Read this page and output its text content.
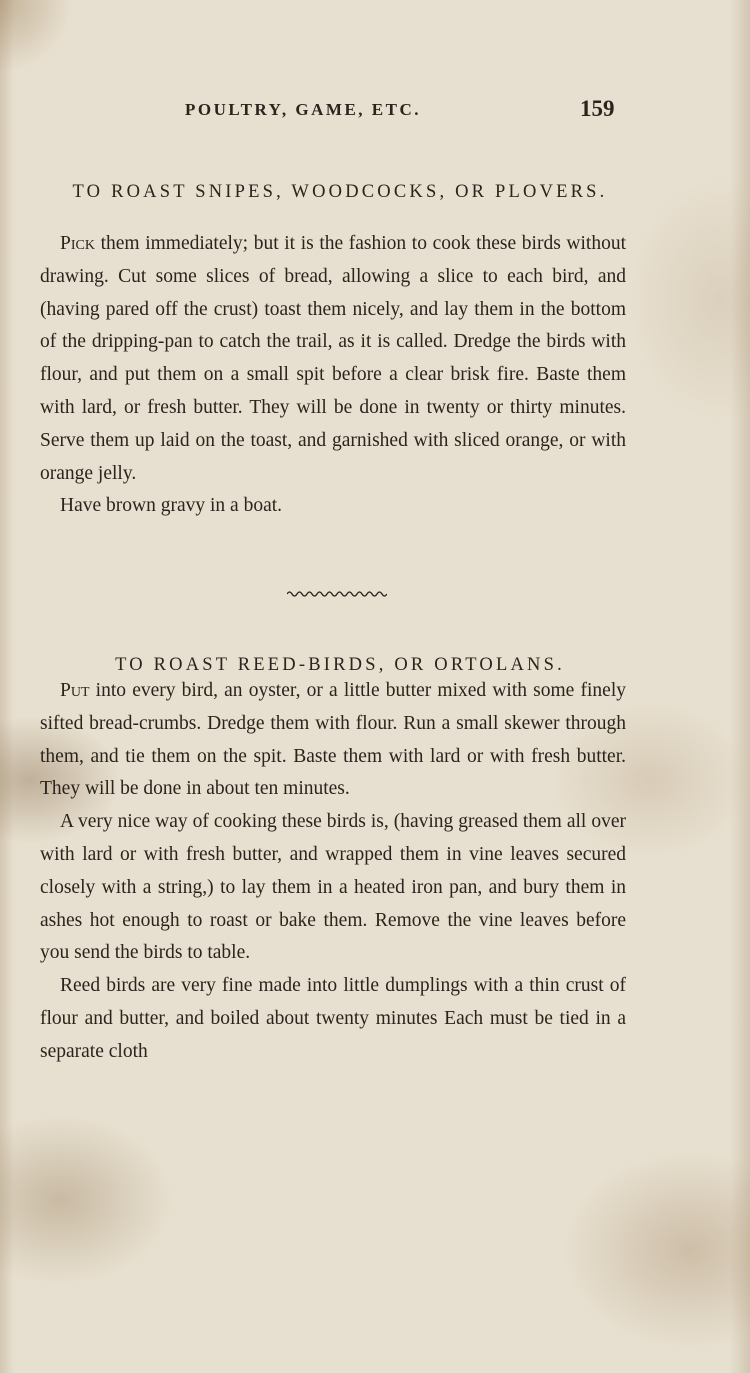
POULTRY, GAME, ETC.	159
TO ROAST SNIPES, WOODCOCKS, OR PLOVERS.

Pick them immediately; but it is the fashion to cook these birds without drawing. Cut some slices of bread, allowing a slice to each bird, and (having pared off the crust) toast them nicely, and lay them in the bottom of the dripping-pan to catch the trail, as it is called. Dredge the birds with flour, and put them on a small spit before a clear brisk fire. Baste them with lard, or fresh butter. They will be done in twenty or thirty minutes. Serve them up laid on the toast, and garnished with sliced orange, or with orange jelly.

Have brown gravy in a boat.

TO ROAST REED-BIRDS, OR ORTOLANS.

Put into every bird, an oyster, or a little butter mixed with some finely sifted bread-crumbs. Dredge them with flour. Run a small skewer through them, and tie them on the spit. Baste them with lard or with fresh butter. They will be done in about ten minutes.

A very nice way of cooking these birds is, (having greased them all over with lard or with fresh butter, and wrapped them in vine leaves secured closely with a string,) to lay them in a heated iron pan, and bury them in ashes hot enough to roast or bake them. Remove the vine leaves before you send the birds to table.

Reed birds are very fine made into little dumplings with a thin crust of flour and butter, and boiled about twenty minutes Each must be tied in a separate cloth
